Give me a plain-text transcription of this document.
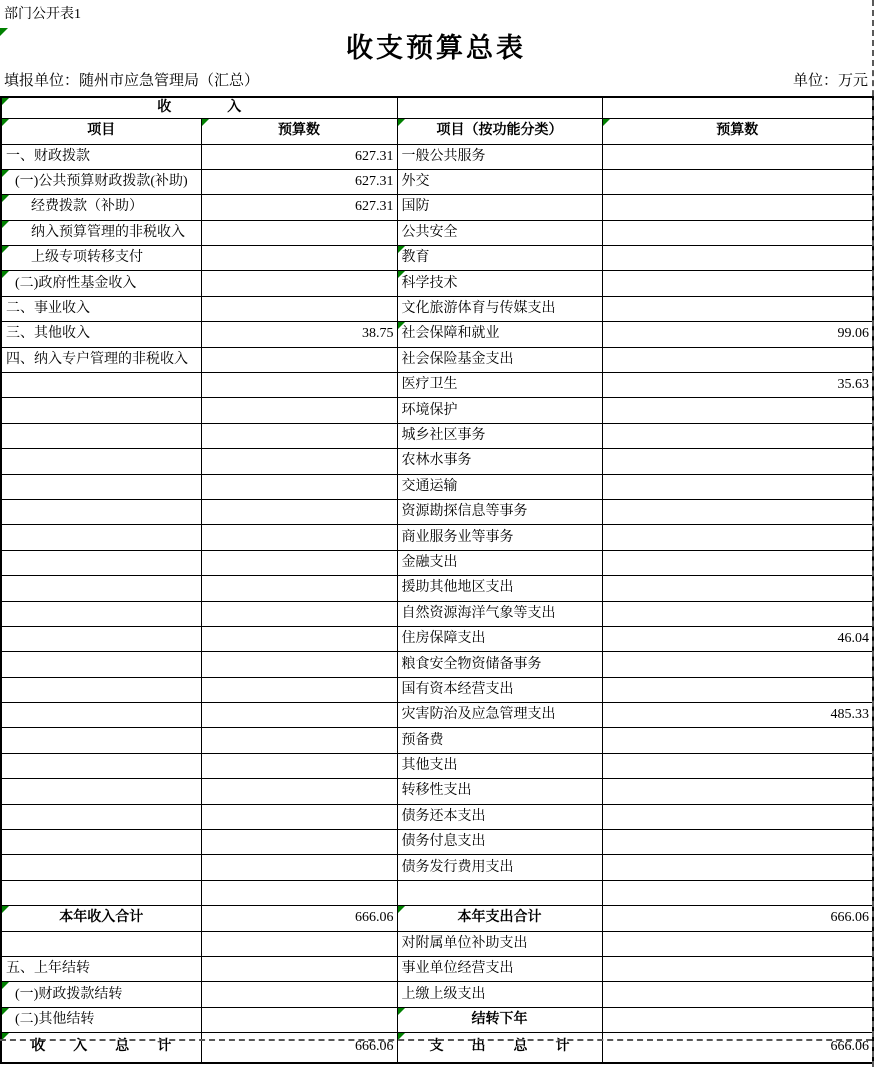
部门公开表1
收支预算总表
填报单位：随州市应急管理局（汇总）	单位：万元
收　　　　入			

项目	预算数	项目（按功能分类）	预算数
一、财政拨款	627.31	一般公共服务	

(一)公共预算财政拨款(补助)	627.31	外交	

经费拨款（补助）	627.31	国防	

纳入预算管理的非税收入		公共安全	

上级专项转移支付		教育	

(二)政府性基金收入		科学技术	
二、事业收入		文化旅游体育与传媒支出	
三、其他收入	38.75	社会保障和就业	99.06
四、纳入专户管理的非税收入		社会保险基金支出	
		医疗卫生	35.63
		环境保护	
		城乡社区事务	
		农林水事务	
		交通运输	
		资源勘探信息等事务	
		商业服务业等事务	
		金融支出	
		援助其他地区支出	
		自然资源海洋气象等支出	
		住房保障支出	46.04
		粮食安全物资储备事务	
		国有资本经营支出	
		灾害防治及应急管理支出	485.33
		预备费	
		其他支出	
		转移性支出	
		债务还本支出	
		债务付息支出	
		债务发行费用支出	

本年收入合计	666.06	本年支出合计	666.06
		对附属单位补助支出	
五、上年结转		事业单位经营支出	

(一)财政拨款结转		上缴上级支出	

(二)其他结转		结转下年	

收　　入　　总　　计	666.06	支　　出　　总　　计	666.06
